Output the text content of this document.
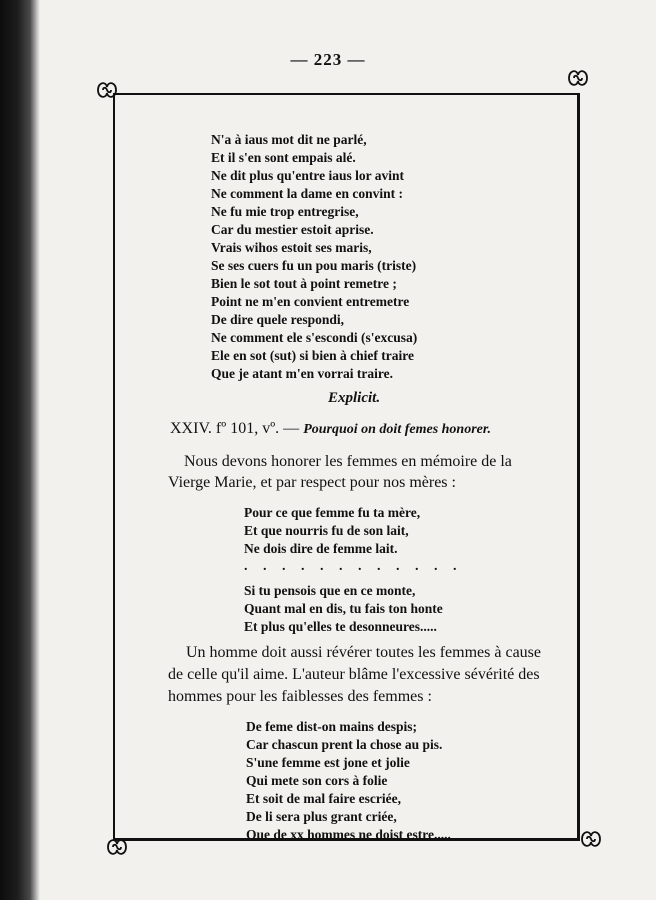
— 223 —
N'a à iaus mot dit ne parlé,
Et il s'en sont empais alé.
Ne dit plus qu'entre iaus lor avint
Ne comment la dame en convint :
Ne fu mie trop entregrise,
Car du mestier estoit aprise.
Vrais wihos estoit ses maris,
Se ses cuers fu un pou maris (triste)
Bien le sot tout à point remetre ;
Point ne m'en convient entremetre
De dire quele respondi,
Ne comment ele s'escondi (s'excusa)
Ele en sot (sut) si bien à chief traire
Que je atant m'en vorrai traire.
Explicit.
XXIV. fº 101, vº. — Pourquoi on doit femes honorer.
Nous devons honorer les femmes en mémoire de la
Vierge Marie, et par respect pour nos mères :
Pour ce que femme fu ta mère,
Et que nourris fu de son lait,
Ne dois dire de femme lait.
. . . . . . . . . . . .
Si tu pensois que en ce monte,
Quant mal en dis, tu fais ton honte
Et plus qu'elles te desonneures.....
Un homme doit aussi révérer toutes les femmes à cause
de celle qu'il aime. L'auteur blâme l'excessive sévérité des
hommes pour les faiblesses des femmes :
De feme dist-on mains despis;
Car chascun prent la chose au pis.
S'une femme est jone et jolie
Qui mete son cors à folie
Et soit de mal faire escriée,
De li sera plus grant criée,
Que de xx hommes ne doist estre.....
